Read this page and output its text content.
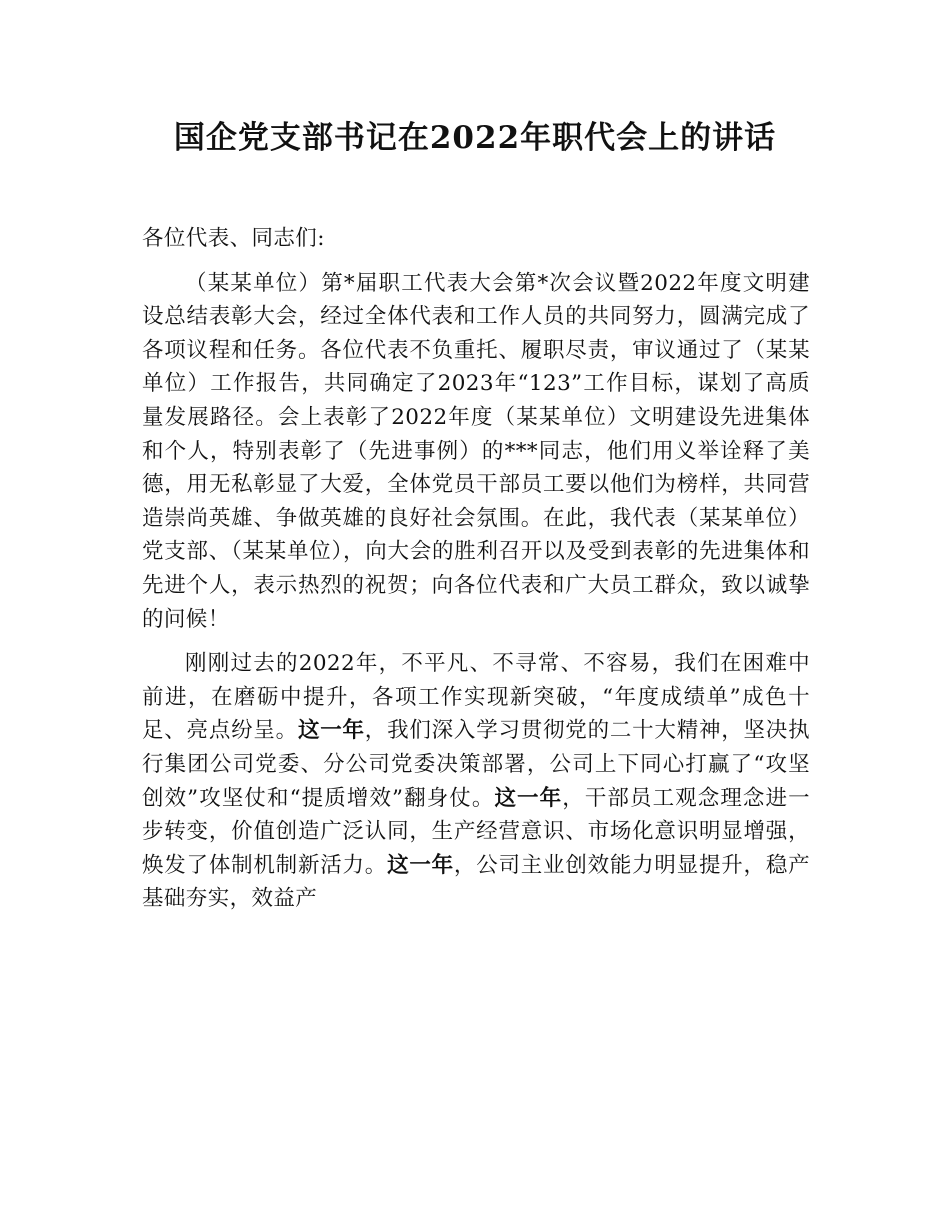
国企党支部书记在2022年职代会上的讲话

各位代表、同志们:

（某某单位）第*届职工代表大会第*次会议暨2022年度文明建设总结表彰大会，经过全体代表和工作人员的共同努力，圆满完成了各项议程和任务。各位代表不负重托、履职尽责，审议通过了（某某单位）工作报告，共同确定了2023年“123”工作目标，谋划了高质量发展路径。会上表彰了2022年度（某某单位）文明建设先进集体和个人，特别表彰了（先进事例）的***同志，他们用义举诠释了美德，用无私彰显了大爱，全体党员干部员工要以他们为榜样，共同营造崇尚英雄、争做英雄的良好社会氛围。在此，我代表（某某单位）党支部、（某某单位），向大会的胜利召开以及受到表彰的先进集体和先进个人，表示热烈的祝贺；向各位代表和广大员工群众，致以诚挚的问候！

刚刚过去的2022年，不平凡、不寻常、不容易，我们在困难中前进，在磨砺中提升，各项工作实现新突破，“年度成绩单”成色十足、亮点纷呈。这一年，我们深入学习贯彻党的二十大精神，坚决执行集团公司党委、分公司党委决策部署，公司上下同心打赢了“攻坚创效”攻坚仗和“提质增效”翻身仗。这一年，干部员工观念理念进一步转变，价值创造广泛认同，生产经营意识、市场化意识明显增强，焕发了体制机制新活力。这一年，公司主业创效能力明显提升，稳产基础夯实，效益产
